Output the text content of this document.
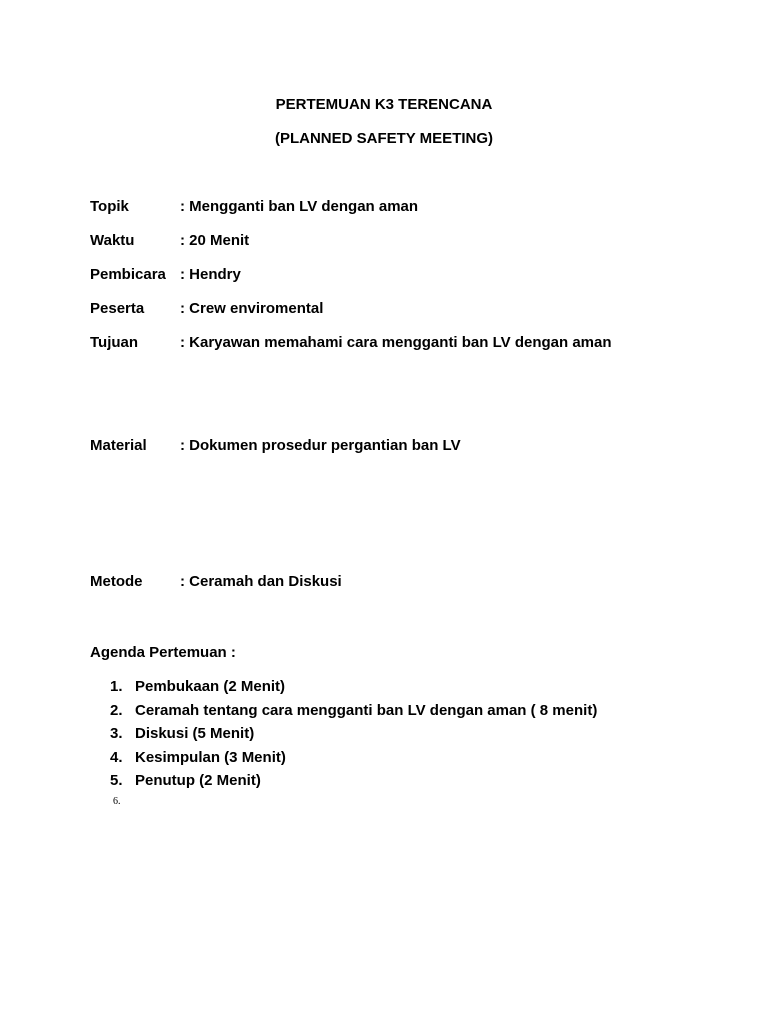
PERTEMUAN K3 TERENCANA
(PLANNED SAFETY MEETING)
Topik	: Mengganti ban LV dengan aman
Waktu	: 20 Menit
Pembicara : Hendry
Peserta : Crew enviromental
Tujuan	: Karyawan memahami cara mengganti ban LV dengan aman
Material : Dokumen prosedur pergantian ban LV
Metode	: Ceramah dan Diskusi
Agenda Pertemuan :
1. Pembukaan (2 Menit)
2. Ceramah tentang cara mengganti ban LV dengan aman ( 8 menit)
3. Diskusi (5 Menit)
4. Kesimpulan (3 Menit)
5. Penutup (2 Menit)
6.
